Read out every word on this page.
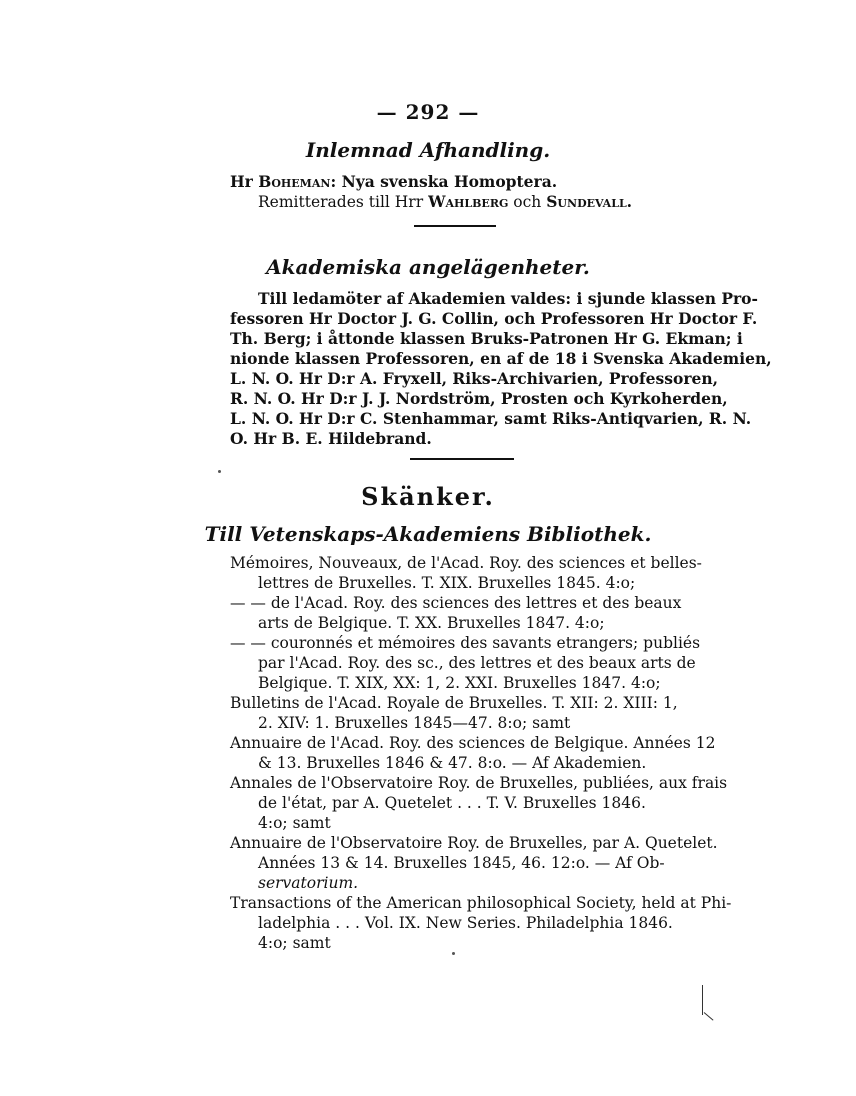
— 292 —
Inlemnad Afhandling.
Hr Boheman: Nya svenska Homoptera.
Remitterades till Hrr Wahlberg och Sundevall.
Akademiska angelägenheter.
Till ledamöter af Akademien valdes: i sjunde klassen Pro-
fessoren Hr Doctor J. G. Collin, och Professoren Hr Doctor F.
Th. Berg; i åttonde klassen Bruks-Patronen Hr G. Ekman; i
nionde klassen Professoren, en af de 18 i Svenska Akademien,
L. N. O. Hr D:r A. Fryxell, Riks-Archivarien, Professoren,
R. N. O. Hr D:r J. J. Nordström, Prosten och Kyrkoherden,
L. N. O. Hr D:r C. Stenhammar, samt Riks-Antiqvarien, R. N.
O. Hr B. E. Hildebrand.
Skänker.
Till Vetenskaps-Akademiens Bibliothek.
Mémoires, Nouveaux, de l'Acad. Roy. des sciences et belles-
lettres de Bruxelles. T. XIX. Bruxelles 1845. 4:o;
— — de l'Acad. Roy. des sciences des lettres et des beaux
arts de Belgique. T. XX. Bruxelles 1847. 4:o;
— — couronnés et mémoires des savants etrangers; publiés
par l'Acad. Roy. des sc., des lettres et des beaux arts de
Belgique. T. XIX, XX: 1, 2. XXI. Bruxelles 1847. 4:o;
Bulletins de l'Acad. Royale de Bruxelles. T. XII: 2. XIII: 1,
2. XIV: 1. Bruxelles 1845—47. 8:o; samt
Annuaire de l'Acad. Roy. des sciences de Belgique. Années 12
& 13. Bruxelles 1846 & 47. 8:o. — Af Akademien.
Annales de l'Observatoire Roy. de Bruxelles, publiées, aux frais
de l'état, par A. Quetelet . . . T. V. Bruxelles 1846.
4:o; samt
Annuaire de l'Observatoire Roy. de Bruxelles, par A. Quetelet.
Années 13 & 14. Bruxelles 1845, 46. 12:o. — Af Ob-
servatorium.
Transactions of the American philosophical Society, held at Phi-
ladelphia . . . Vol. IX. New Series. Philadelphia 1846.
4:o; samt
